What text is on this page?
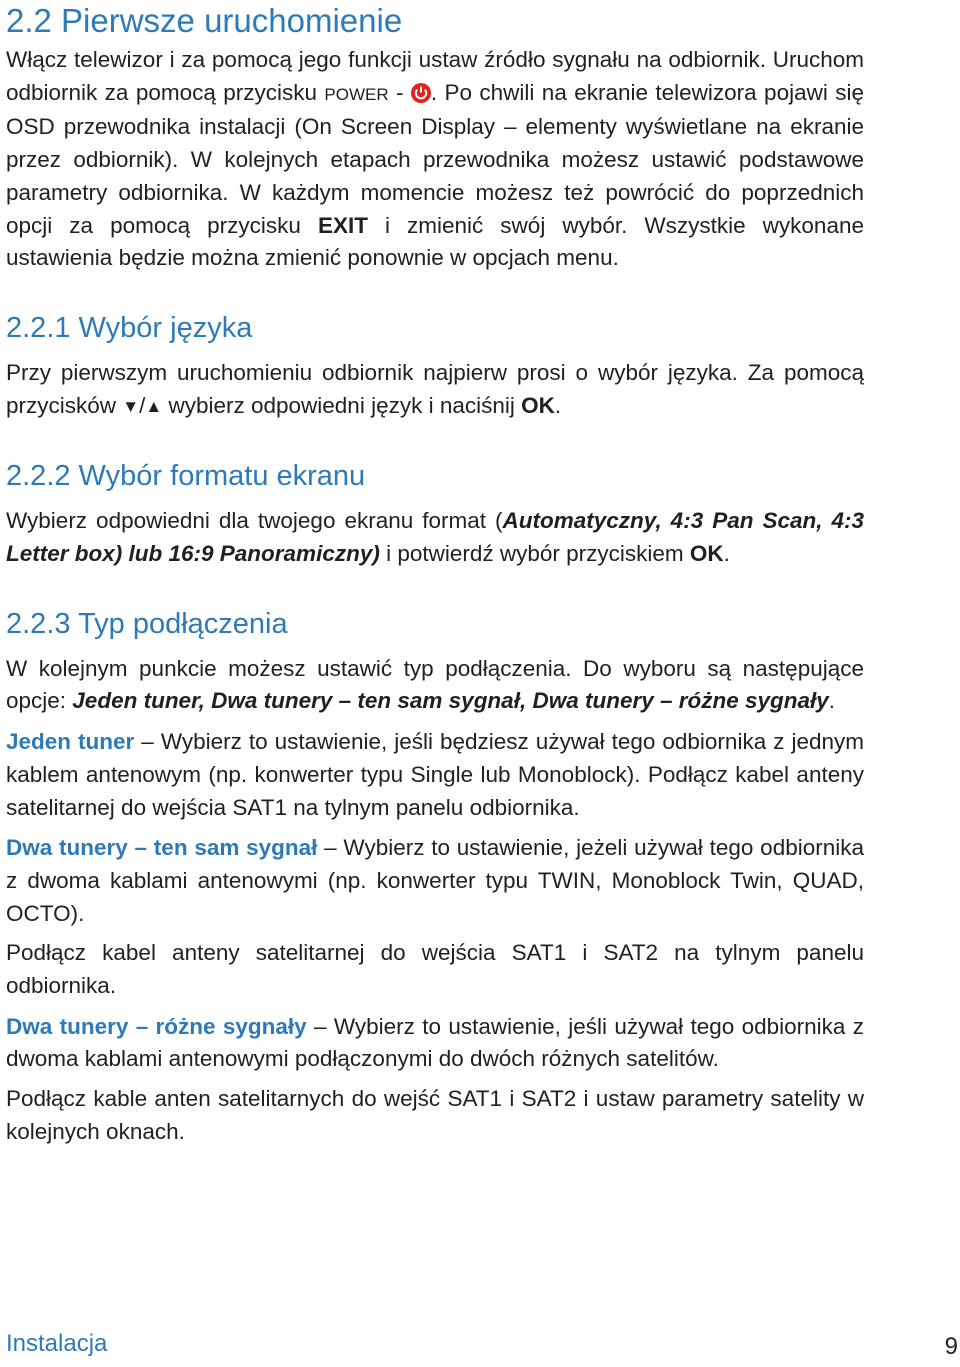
2.2 Pierwsze uruchomienie

Włącz telewizor i za pomocą jego funkcji ustaw źródło sygnału na odbiornik. Uruchom odbiornik za pomocą przycisku POWER - . Po chwili na ekranie telewizora pojawi się OSD przewodnika instalacji (On Screen Display – elementy wyświetlane na ekranie przez odbiornik). W kolejnych etapach przewodnika możesz ustawić podstawowe parametry odbiornika. W każdym momencie możesz też powrócić do poprzednich opcji za pomocą przycisku EXIT i zmienić swój wybór. Wszystkie wykonane ustawienia będzie można zmienić ponownie w opcjach menu.

2.2.1 Wybór języka

Przy pierwszym uruchomieniu odbiornik najpierw prosi o wybór języka. Za pomocą przycisków ▼/▲ wybierz odpowiedni język i naciśnij OK.

2.2.2 Wybór formatu ekranu

Wybierz odpowiedni dla twojego ekranu format (Automatyczny, 4:3 Pan Scan, 4:3 Letter box) lub 16:9 Panoramiczny) i potwierdź wybór przyciskiem OK.

2.2.3 Typ podłączenia

W kolejnym punkcie możesz ustawić typ podłączenia. Do wyboru są następujące opcje: Jeden tuner, Dwa tunery – ten sam sygnał, Dwa tunery – różne sygnały.

Jeden tuner – Wybierz to ustawienie, jeśli będziesz używał tego odbiornika z jednym kablem antenowym (np. konwerter typu Single lub Monoblock). Podłącz kabel anteny satelitarnej do wejścia SAT1 na tylnym panelu odbiornika.

Dwa tunery – ten sam sygnał – Wybierz to ustawienie, jeżeli używał tego odbiornika z dwoma kablami antenowymi (np. konwerter typu TWIN, Monoblock Twin, QUAD, OCTO).

Podłącz kabel anteny satelitarnej do wejścia SAT1 i SAT2 na tylnym panelu odbiornika.

Dwa tunery – różne sygnały – Wybierz to ustawienie, jeśli używał tego odbiornika z dwoma kablami antenowymi podłączonymi do dwóch różnych satelitów.

Podłącz kable anten satelitarnych do wejść SAT1 i SAT2 i ustaw parametry satelity w kolejnych oknach.

Instalacja	9
